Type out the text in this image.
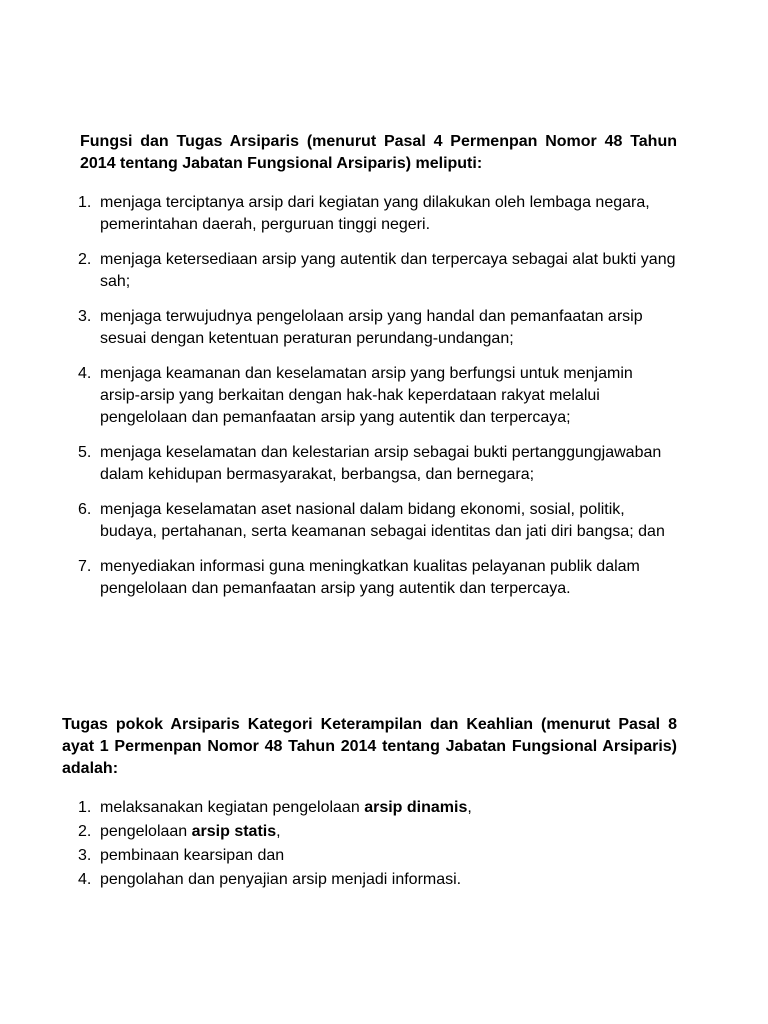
Fungsi dan Tugas Arsiparis (menurut Pasal 4 Permenpan Nomor 48 Tahun 2014 tentang Jabatan Fungsional Arsiparis) meliputi:

1. menjaga terciptanya arsip dari kegiatan yang dilakukan oleh lembaga negara, pemerintahan daerah, perguruan tinggi negeri.
2. menjaga ketersediaan arsip yang autentik dan terpercaya sebagai alat bukti yang sah;
3. menjaga terwujudnya pengelolaan arsip yang handal dan pemanfaatan arsip sesuai dengan ketentuan peraturan perundang-undangan;
4. menjaga keamanan dan keselamatan arsip yang berfungsi untuk menjamin arsip-arsip yang berkaitan dengan hak-hak keperdataan rakyat melalui pengelolaan dan pemanfaatan arsip yang autentik dan terpercaya;
5. menjaga keselamatan dan kelestarian arsip sebagai bukti pertanggungjawaban dalam kehidupan bermasyarakat, berbangsa, dan bernegara;
6. menjaga keselamatan aset nasional dalam bidang ekonomi, sosial, politik, budaya, pertahanan, serta keamanan sebagai identitas dan jati diri bangsa; dan
7. menyediakan informasi guna meningkatkan kualitas pelayanan publik dalam pengelolaan dan pemanfaatan arsip yang autentik dan terpercaya.

Tugas pokok Arsiparis Kategori Keterampilan dan Keahlian (menurut Pasal 8 ayat 1 Permenpan Nomor 48 Tahun 2014 tentang Jabatan Fungsional Arsiparis) adalah:

1. melaksanakan kegiatan pengelolaan arsip dinamis,
2. pengelolaan arsip statis,
3. pembinaan kearsipan dan
4. pengolahan dan penyajian arsip menjadi informasi.
